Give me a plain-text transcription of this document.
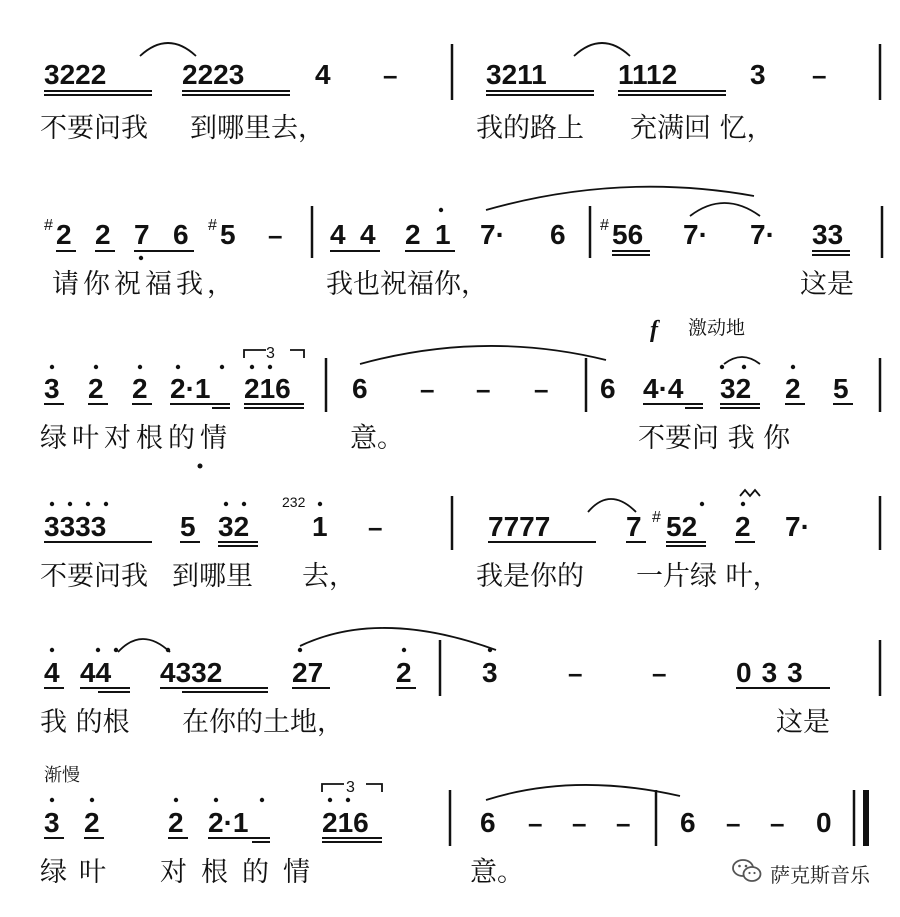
3222	2223	4 –	3211	1112	3 –
不要问我 到哪里去，	我的路上 充满回 忆，
# 2 2 7 6 # 5 – 4 4 2 1 7· 6 # 56 7· 7· 33
请你祝福我，	我也祝福你，	这是
f 激动地
3
3 2 2 2·1 216 6 – – – 6 4·4 32 2 5
绿叶对根的情	意。	不要问 我 你
232
3333	5 32 1 –	7777	7 # 52 2 7·
不要问我 到哪里 去，	我是你的 一片绿 叶，
4 44 4332 27	2	3	–	– 033
我 的根 在你的土地，	这是
渐慢
3
3 2 2 2·1	216	6 – – – 6 – – 0
绿叶 对根的情	意。	萨克斯音乐
